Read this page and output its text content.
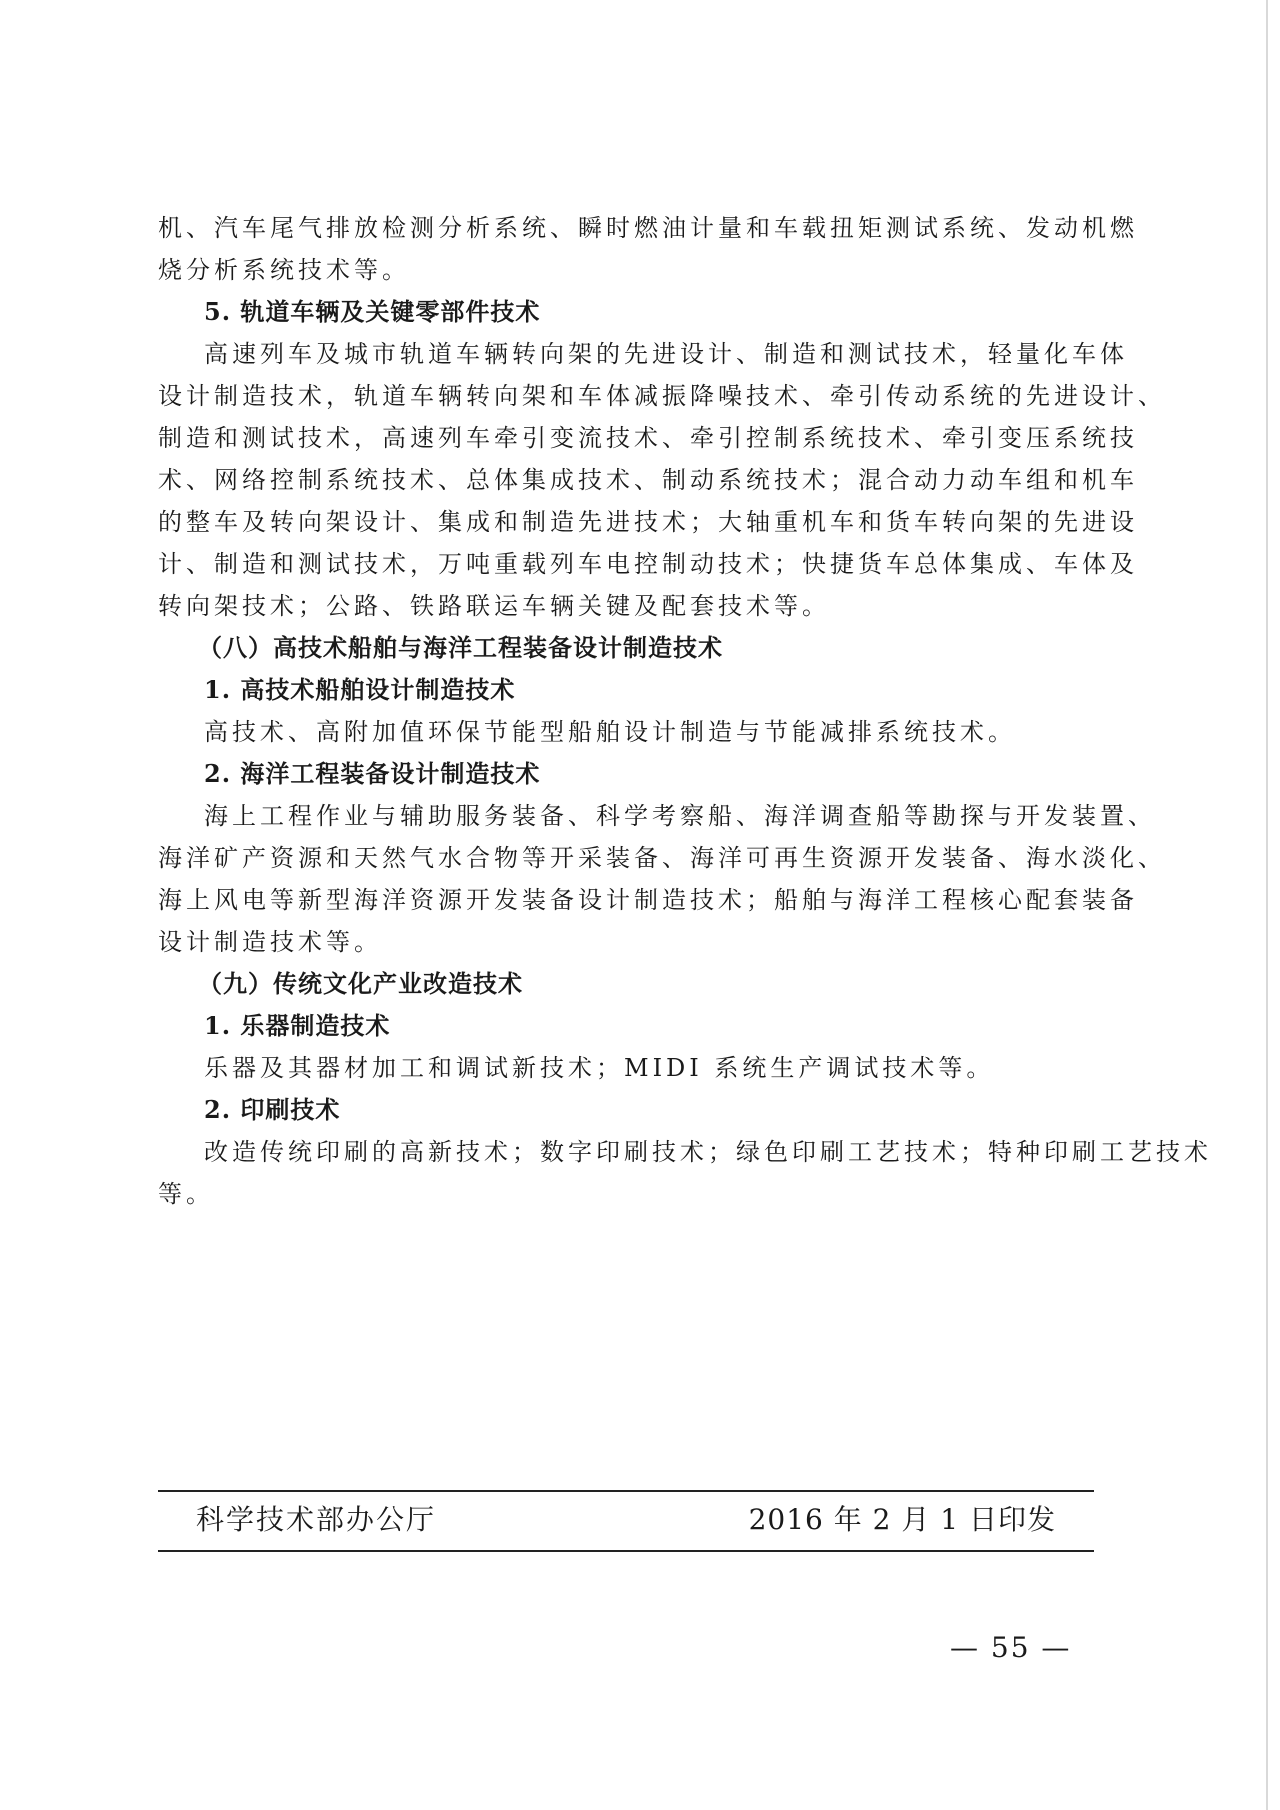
机、汽车尾气排放检测分析系统、瞬时燃油计量和车载扭矩测试系统、发动机燃
烧分析系统技术等。
5. 轨道车辆及关键零部件技术
高速列车及城市轨道车辆转向架的先进设计、制造和测试技术，轻量化车体
设计制造技术，轨道车辆转向架和车体减振降噪技术、牵引传动系统的先进设计、
制造和测试技术，高速列车牵引变流技术、牵引控制系统技术、牵引变压系统技
术、网络控制系统技术、总体集成技术、制动系统技术；混合动力动车组和机车
的整车及转向架设计、集成和制造先进技术；大轴重机车和货车转向架的先进设
计、制造和测试技术，万吨重载列车电控制动技术；快捷货车总体集成、车体及
转向架技术；公路、铁路联运车辆关键及配套技术等。
（八）高技术船舶与海洋工程装备设计制造技术
1. 高技术船舶设计制造技术
高技术、高附加值环保节能型船舶设计制造与节能减排系统技术。
2. 海洋工程装备设计制造技术
海上工程作业与辅助服务装备、科学考察船、海洋调查船等勘探与开发装置、
海洋矿产资源和天然气水合物等开采装备、海洋可再生资源开发装备、海水淡化、
海上风电等新型海洋资源开发装备设计制造技术；船舶与海洋工程核心配套装备
设计制造技术等。
（九）传统文化产业改造技术
1. 乐器制造技术
乐器及其器材加工和调试新技术；MIDI 系统生产调试技术等。
2. 印刷技术
改造传统印刷的高新技术；数字印刷技术；绿色印刷工艺技术；特种印刷工艺技术
等。
科学技术部办公厅	2016 年 2 月 1 日印发
— 55 —
